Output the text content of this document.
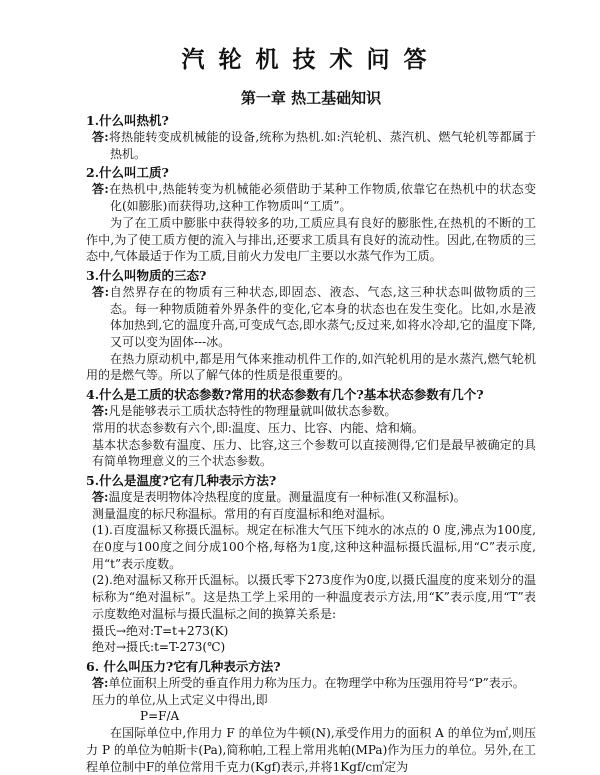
汽轮机技术问答
第一章 热工基础知识
1.什么叫热机?

答:将热能转变成机械能的设备,统称为热机.如:汽轮机、蒸汽机、燃气轮机等都属于热机。

2.什么叫工质?

答:在热机中,热能转变为机械能必须借助于某种工作物质,依靠它在热机中的状态变化(如膨胀)而获得功,这种工作物质叫“工质”。

为了在工质中膨胀中获得较多的功,工质应具有良好的膨胀性,在热机的不断的工作中,为了使工质方便的流入与排出,还要求工质具有良好的流动性。因此,在物质的三态中,气体最适于作为工质,目前火力发电厂主要以水蒸气作为工质。

3.什么叫物质的三态?

答:自然界存在的物质有三种状态,即固态、液态、气态,这三种状态叫做物质的三态。每一种物质随着外界条件的变化,它本身的状态也在发生变化。比如,水是液体加热到,它的温度升高,可变成气态,即水蒸气;反过来,如将水冷却,它的温度下降,又可以变为固体---冰。

在热力原动机中,都是用气体来推动机件工作的,如汽轮机用的是水蒸汽,燃气轮机用的是燃气等。所以了解气体的性质是很重要的。

4.什么是工质的状态参数?常用的状态参数有几个?基本状态参数有几个?

答:凡是能够表示工质状态特性的物理量就叫做状态参数。

常用的状态参数有六个,即:温度、压力、比容、内能、焓和熵。

基本状态参数有温度、压力、比容,这三个参数可以直接测得,它们是最早被确定的具有简单物理意义的三个状态参数。

5.什么是温度?它有几种表示方法?

答:温度是表明物体冷热程度的度量。测量温度有一种标准(又称温标)。

测量温度的标尺称温标。常用的有百度温标和绝对温标。

(1).百度温标又称摄氏温标。规定在标准大气压下纯水的冰点的 0 度,沸点为100度,在0度与100度之间分成100个格,每格为1度,这种这种温标摄氏温标,用“C”表示度,用“t”表示度数。

(2).绝对温标又称开氏温标。以摄氏零下273度作为0度,以摄氏温度的度来划分的温标称为“绝对温标”。这是热工学上采用的一种温度表示方法,用“K”表示度,用“T”表示度数绝对温标与摄氏温标之间的换算关系是:

摄氏→绝对:T=t+273(K)

绝对→摄氏:t=T-273(℃)

6. 什么叫压力?它有几种表示方法?

答:单位面积上所受的垂直作用力称为压力。在物理学中称为压强用符号“P”表示。

压力的单位,从上式定义中得出,即

P=F/A

在国际单位中,作用力 F 的单位为牛顿(N),承受作用力的面积 A 的单位为㎡,则压力 P 的单位为帕斯卡(Pa),简称帕,工程上常用兆帕(MPa)作为压力的单位。另外,在工程单位制中F的单位常用千克力(Kgf)表示,并将1Kgf/c㎡定为
